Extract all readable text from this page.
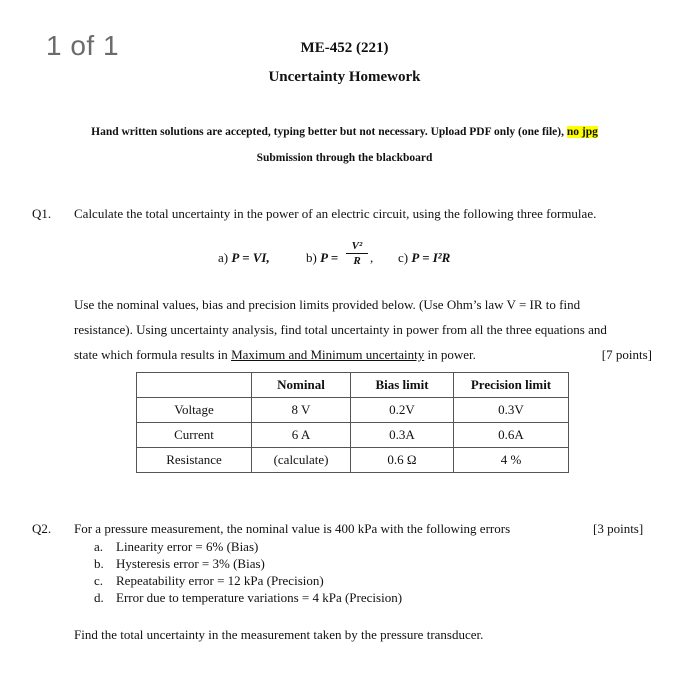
1 of 1	ME-452 (221)
Uncertainty Homework
Hand written solutions are accepted, typing better but not necessary. Upload PDF only (one file), no jpg
Submission through the blackboard
Q1. Calculate the total uncertainty in the power of an electric circuit, using the following three formulae.
a) P = VI,	b) $P = \frac{\text{V²}}{R}$ , c) P = I²R
Use the nominal values, bias and precision limits provided below. (Use Ohm’s law V = IR to find
resistance). Using uncertainty analysis, find total uncertainty in power from all the three equations and
state which formula results in Maximum and Minimum uncertainty in power.	[7 points]
	Nominal	Bias limit	Precision limit
Voltage	8 V	0.2V	0.3V
Current	6 A	0.3A	0.6A
Resistance	(calculate)	0.6 Ω	4 %
Q2. For a pressure measurement, the nominal value is 400 kPa with the following errors	[3 points]
a. Linearity error = 6% (Bias)
b. Hysteresis error = 3% (Bias)
c. Repeatability error = 12 kPa (Precision)
d. Error due to temperature variations = 4 kPa (Precision)
Find the total uncertainty in the measurement taken by the pressure transducer.
